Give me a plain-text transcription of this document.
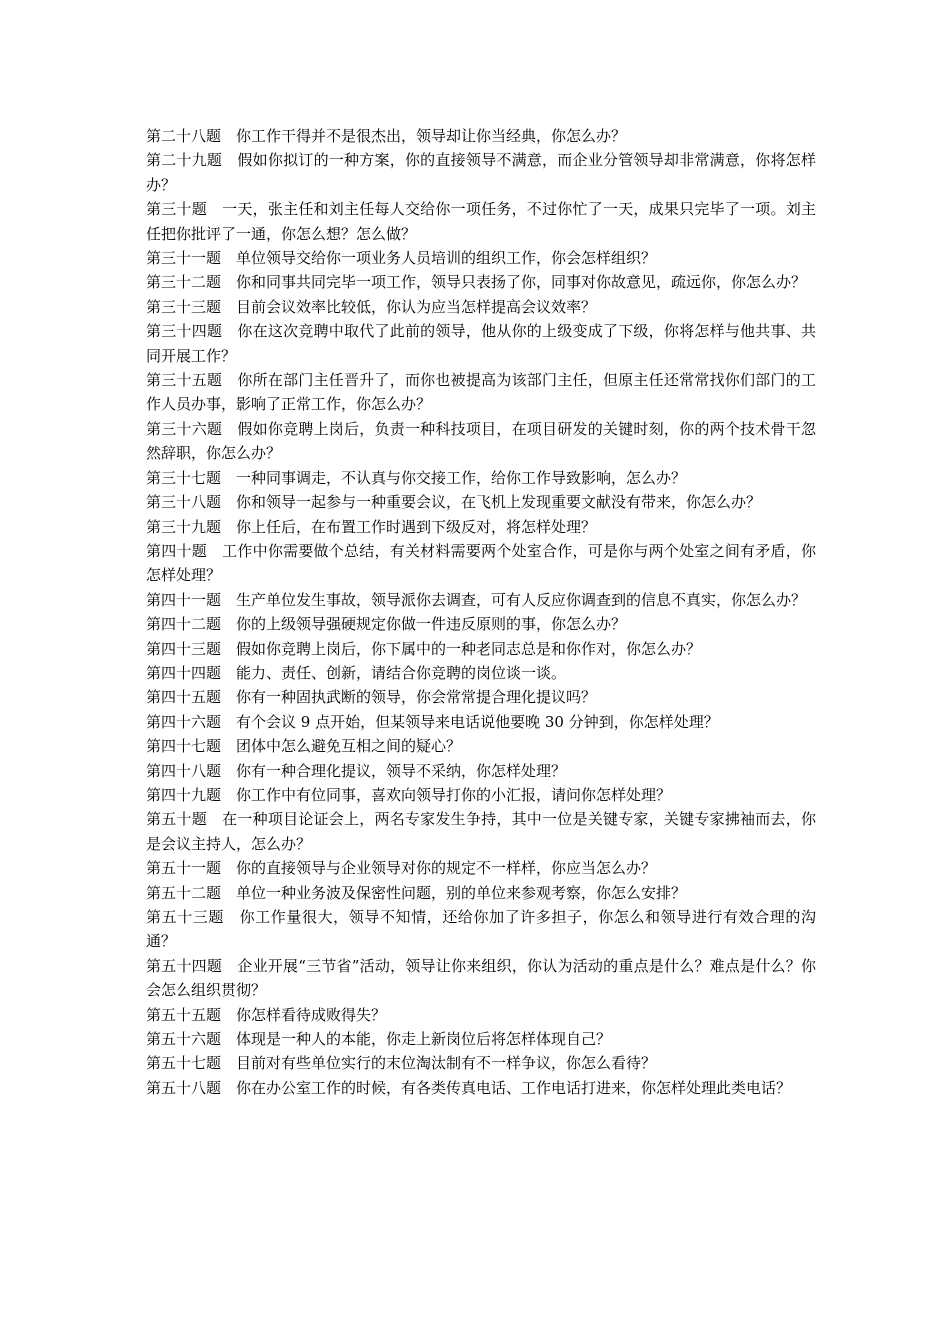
第二十八题　 你工作干得并不是很杰出，领导却让你当经典，你怎么办？

第二十九题　 假如你拟订的一种方案，你的直接领导不满意，而企业分管领导却非常满意，你将怎样办？

第三十题　 一天，张主任和刘主任每人交给你一项任务，不过你忙了一天，成果只完毕了一项。刘主任把你批评了一通，你怎么想？怎么做？

第三十一题　 单位领导交给你一项业务人员培训的组织工作，你会怎样组织？

第三十二题　 你和同事共同完毕一项工作，领导只表扬了你，同事对你故意见，疏远你，你怎么办？

第三十三题　 目前会议效率比较低，你认为应当怎样提高会议效率？

第三十四题　 你在这次竞聘中取代了此前的领导，他从你的上级变成了下级，你将怎样与他共事、共同开展工作？

第三十五题　 你所在部门主任晋升了，而你也被提高为该部门主任，但原主任还常常找你们部门的工作人员办事，影响了正常工作，你怎么办？

第三十六题　 假如你竞聘上岗后，负责一种科技项目，在项目研发的关键时刻，你的两个技术骨干忽然辞职，你怎么办？

第三十七题　 一种同事调走，不认真与你交接工作，给你工作导致影响，怎么办？

第三十八题　 你和领导一起参与一种重要会议，在飞机上发现重要文献没有带来，你怎么办？

第三十九题　 你上任后，在布置工作时遇到下级反对，将怎样处理？

第四十题　 工作中你需要做个总结，有关材料需要两个处室合作，可是你与两个处室之间有矛盾，你怎样处理？

第四十一题　 生产单位发生事故，领导派你去调查，可有人反应你调查到的信息不真实，你怎么办？

第四十二题　 你的上级领导强硬规定你做一件违反原则的事，你怎么办？

第四十三题　 假如你竞聘上岗后，你下属中的一种老同志总是和你作对，你怎么办？

第四十四题　 能力、责任、创新，请结合你竞聘的岗位谈一谈。

第四十五题　 你有一种固执武断的领导，你会常常提合理化提议吗？

第四十六题　 有个会议 9 点开始，但某领导来电话说他要晚 30 分钟到，你怎样处理？

第四十七题　 团体中怎么避免互相之间的疑心？

第四十八题　 你有一种合理化提议，领导不采纳，你怎样处理？

第四十九题　 你工作中有位同事，喜欢向领导打你的小汇报，请问你怎样处理？

第五十题　 在一种项目论证会上，两名专家发生争持，其中一位是关键专家，关键专家拂袖而去，你是会议主持人，怎么办？

第五十一题　 你的直接领导与企业领导对你的规定不一样样，你应当怎么办？

第五十二题　 单位一种业务波及保密性问题，别的单位来参观考察，你怎么安排？

第五十三题　 你工作量很大，领导不知情，还给你加了许多担子，你怎么和领导进行有效合理的沟通？

第五十四题　 企业开展“三节省”活动，领导让你来组织，你认为活动的重点是什么？难点是什么？你会怎么组织贯彻？

第五十五题　 你怎样看待成败得失？

第五十六题　 体现是一种人的本能，你走上新岗位后将怎样体现自己？

第五十七题　 目前对有些单位实行的末位淘汰制有不一样争议，你怎么看待？

第五十八题　 你在办公室工作的时候，有各类传真电话、工作电话打进来，你怎样处理此类电话？
